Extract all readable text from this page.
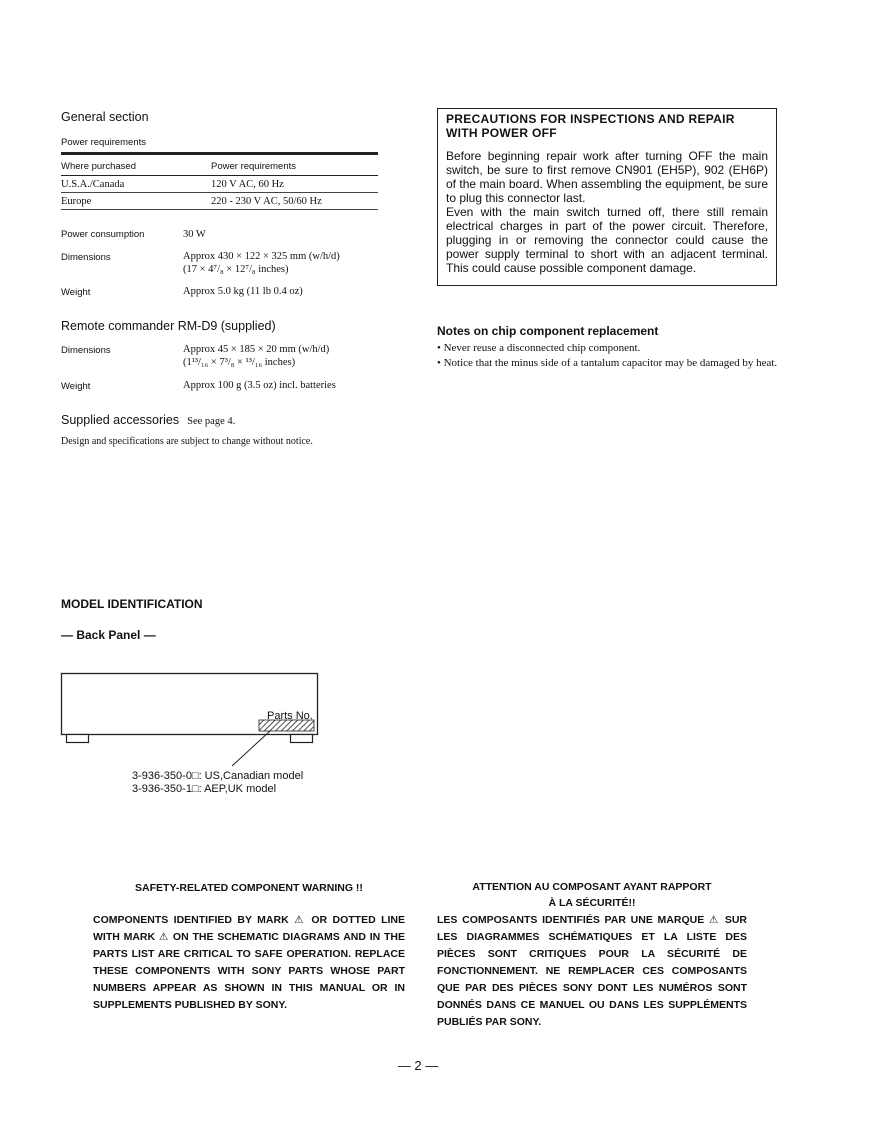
General section
Power requirements
Where purchased	Power requirements
U.S.A./Canada	120 V AC, 60 Hz
Europe	220 - 230 V AC, 50/60 Hz
Power consumption	30 W
Dimensions	Approx 430 × 122 × 325 mm (w/h/d)
(17 × 4⁷/₈ × 12⁷/₈ inches)
Weight	Approx 5.0 kg (11 lb 0.4 oz)
Remote commander RM-D9 (supplied)
Dimensions	Approx 45 × 185 × 20 mm (w/h/d)
(1¹³/₁₆ × 7³/₈ × ¹³/₁₆ inches)
Weight	Approx 100 g (3.5 oz) incl. batteries
Supplied accessories See page 4.
Design and specifications are subject to change without notice.
PRECAUTIONS FOR INSPECTIONS AND REPAIR
WITH POWER OFF

Before beginning repair work after turning OFF the main switch, be sure to first remove CN901 (EH5P), 902 (EH6P) of the main board. When assembling the equipment, be sure to plug this connector last.

Even with the main switch turned off, there still remain electrical charges in part of the power circuit. Therefore, plugging in or removing the connector could cause the power supply terminal to short with an adjacent terminal. This could cause possible component damage.

Notes on chip component replacement
• Never reuse a disconnected chip component.
• Notice that the minus side of a tantalum capacitor may be damaged by heat.
MODEL IDENTIFICATION
— Back Panel —
Parts No.
3-936-350-0□: US,Canadian model
3-936-350-1□: AEP,UK model
SAFETY-RELATED COMPONENT WARNING !!
COMPONENTS IDENTIFIED BY MARK ⚠ OR DOTTED LINE WITH MARK ⚠ ON THE SCHEMATIC DIAGRAMS AND IN THE PARTS LIST ARE CRITICAL TO SAFE OPERATION. REPLACE THESE COMPONENTS WITH SONY PARTS WHOSE PART NUMBERS APPEAR AS SHOWN IN THIS MANUAL OR IN SUPPLEMENTS PUBLISHED BY SONY.
ATTENTION AU COMPOSANT AYANT RAPPORT
À LA SÉCURITÉ!!
LES COMPOSANTS IDENTIFIÉS PAR UNE MARQUE ⚠ SUR LES DIAGRAMMES SCHÉMATIQUES ET LA LISTE DES PIÈCES SONT CRITIQUES POUR LA SÉCURITÉ DE FONCTIONNEMENT. NE REMPLACER CES COMPOSANTS QUE PAR DES PIÈCES SONY DONT LES NUMÉROS SONT DONNÉS DANS CE MANUEL OU DANS LES SUPPLÉMENTS PUBLIÉS PAR SONY.
— 2 —
